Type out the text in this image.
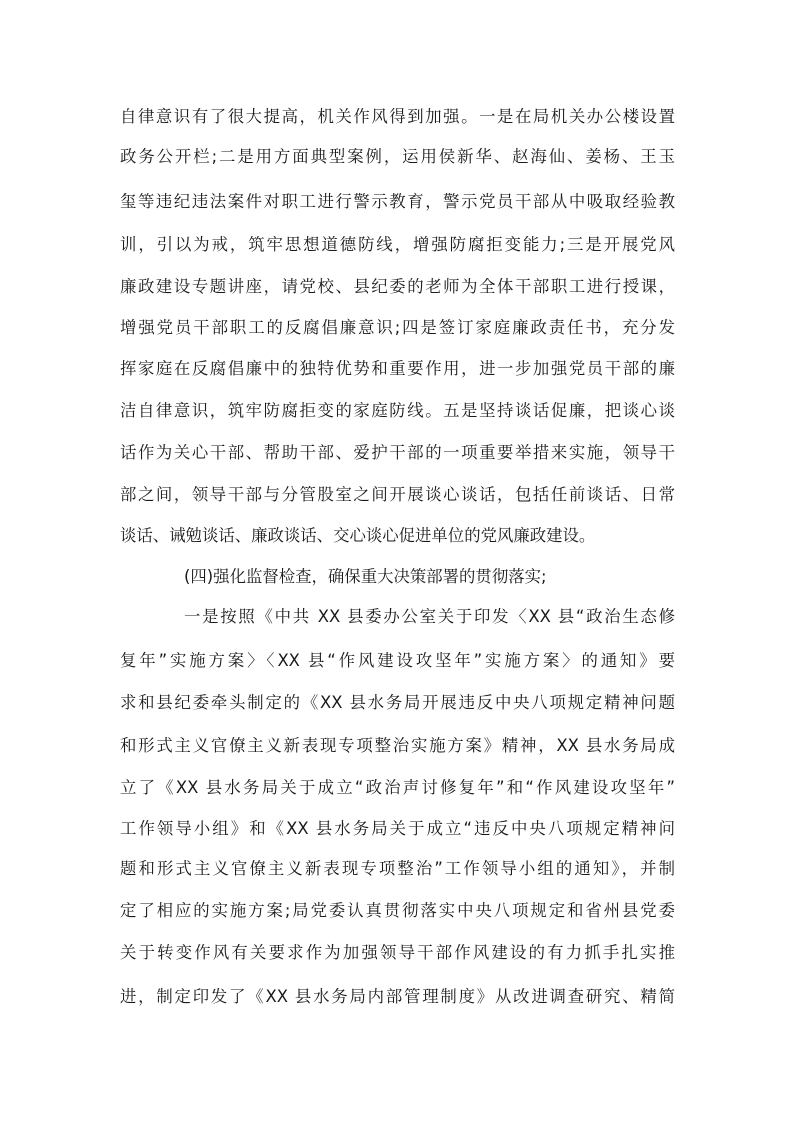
自律意识有了很大提高，机关作风得到加强。一是在局机关办公楼设置
政务公开栏;二是用方面典型案例，运用侯新华、赵海仙、姜杨、王玉
玺等违纪违法案件对职工进行警示教育，警示党员干部从中吸取经验教
训，引以为戒，筑牢思想道德防线，增强防腐拒变能力;三是开展党风
廉政建设专题讲座，请党校、县纪委的老师为全体干部职工进行授课，
增强党员干部职工的反腐倡廉意识;四是签订家庭廉政责任书，充分发
挥家庭在反腐倡廉中的独特优势和重要作用，进一步加强党员干部的廉
洁自律意识，筑牢防腐拒变的家庭防线。五是坚持谈话促廉，把谈心谈
话作为关心干部、帮助干部、爱护干部的一项重要举措来实施，领导干
部之间，领导干部与分管股室之间开展谈心谈话，包括任前谈话、日常
谈话、诫勉谈话、廉政谈话、交心谈心促进单位的党风廉政建设。
(四)强化监督检查，确保重大决策部署的贯彻落实;
一是按照《中共 XX 县委办公室关于印发〈XX 县“政治生态修
复年”实施方案〉〈XX 县“作风建设攻坚年”实施方案〉的通知》要
求和县纪委牵头制定的《XX 县水务局开展违反中央八项规定精神问题
和形式主义官僚主义新表现专项整治实施方案》精神，XX 县水务局成
立了《XX 县水务局关于成立“政治声讨修复年”和“作风建设攻坚年”
工作领导小组》和《XX 县水务局关于成立“违反中央八项规定精神问
题和形式主义官僚主义新表现专项整治”工作领导小组的通知》，并制
定了相应的实施方案;局党委认真贯彻落实中央八项规定和省州县党委
关于转变作风有关要求作为加强领导干部作风建设的有力抓手扎实推
进，制定印发了《XX 县水务局内部管理制度》从改进调查研究、精简
